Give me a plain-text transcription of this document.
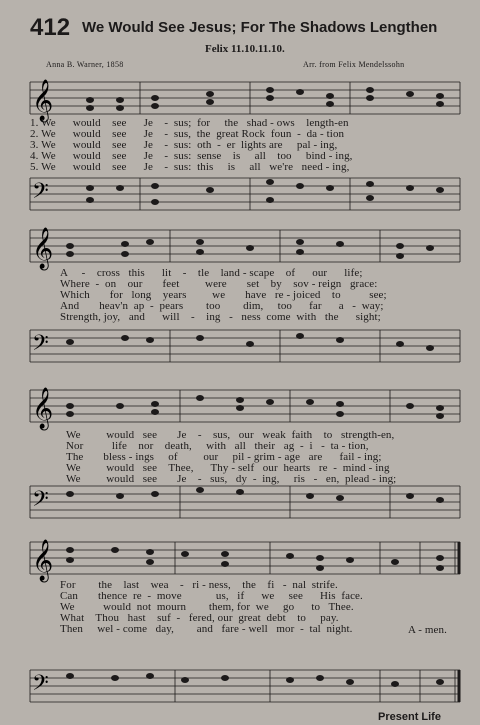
412 We Would See Jesus; For The Shadows Lengthen
Felix 11.10.11.10.
Anna B. Warner, 1858	Arr. from Felix Mendelssohn
𝄞
𝄢
1. We      would    see      Je    -  sus;  for     the   shad - ows    length-en
2. We      would    see      Je    -  sus,  the  great Rock  foun  -  da - tion
3. We      would    see      Je    -  sus:  oth  -  er  lights are     pal - ing,
4. We      would    see      Je    -  sus:  sense    is     all    too     bind - ing,
5. We      would    see      Je    -  sus:  this     is     all   we're   need - ing,
𝄞
𝄢
A     -    cross   this      lit    -    tle    land - scape    of      our      life;
Where  -  on    our       feet         were       set    by    sov - reign   grace:
Which       for   long    years         we       have   re - joiced    to          see;
And       heav'n  ap  -  pears        too        dim,     too      far      a   -  way;
Strength, joy,   and      will    -    ing   -   ness  come  with   the      sight;
𝄞
𝄢
We         would   see       Je    -    sus,   our   weak  faith    to   strength-en,
Nor          life    nor    death,     with   all   their   ag  -  i   -  ta - tion,
The       bless - ings     of         our     pil - grim - age   are      fail - ing;
We         would   see    Thee,      Thy - self   our  hearts   re  -  mind - ing
We         would   see       Je    -   sus,   dy  -  ing,     ris   -   en,  plead - ing;
𝄞
𝄢
For        the    last    wea    -   ri - ness,    the    fi   -  nal  strife.
Can       thence  re  -  move            us,   if      we     see      His  face.
We          would  not  mourn        them, for  we     go      to   Thee.
What    Thou   hast    suf  -   fered, our  great  debt    to     pay.
Then     wel - come   day,        and   fare - well   mor  -  tal  night.	A - men.
Present Life
